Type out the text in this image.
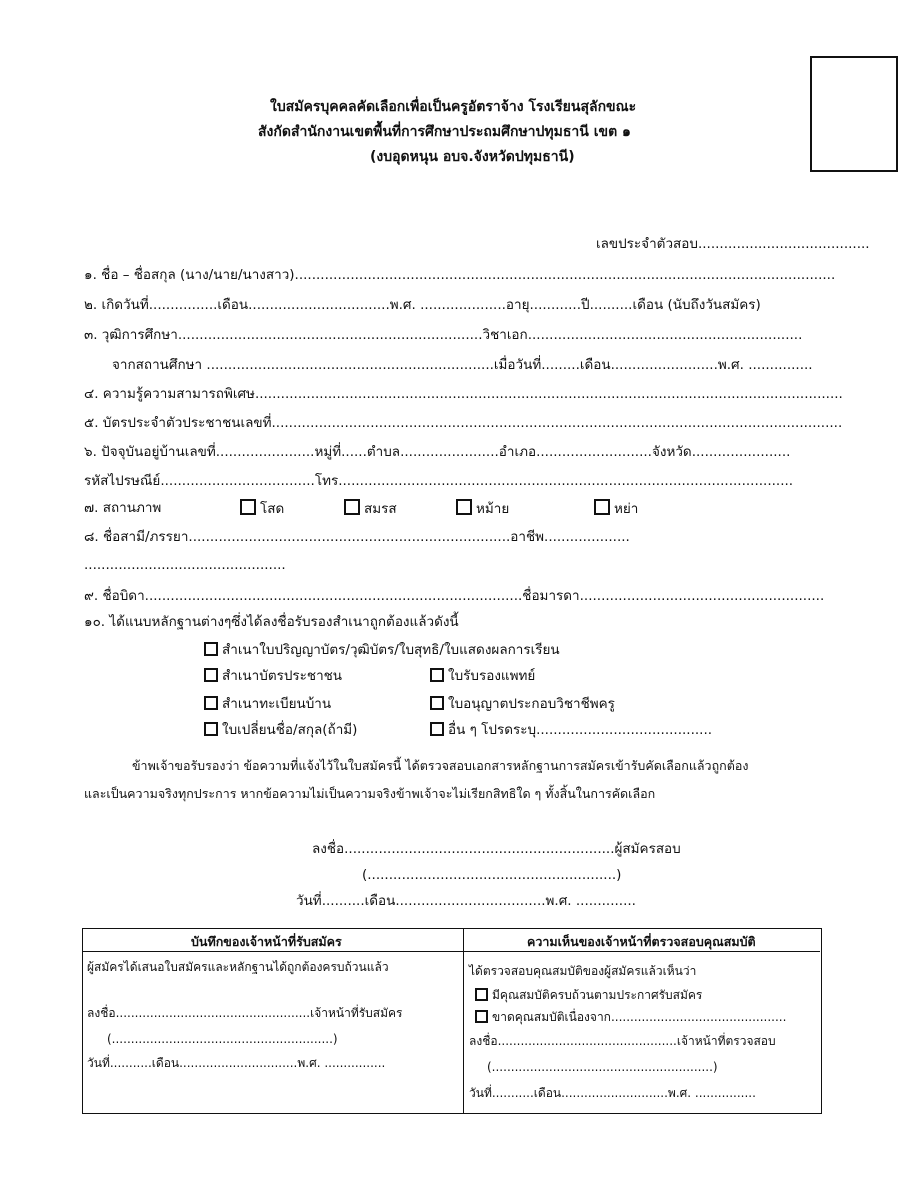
ใบสมัครบุคคลคัดเลือกเพื่อเป็นครูอัตราจ้าง โรงเรียนสุลักขณะ
สังกัดสำนักงานเขตพื้นที่การศึกษาประถมศึกษาปทุมธานี เขต ๑
(งบอุดหนุน อบจ.จังหวัดปทุมธานี)
เลขประจำตัวสอบ........................................
๑. ชื่อ – ชื่อสกุล (นาง/นาย/นางสาว)..............................................................................................................................
๒. เกิดวันที่................เดือน.................................พ.ศ. ....................อายุ............ปี..........เดือน (นับถึงวันสมัคร)
๓. วุฒิการศึกษา.......................................................................วิชาเอก................................................................
จากสถานศึกษา ...................................................................เมื่อวันที่.........เดือน.........................พ.ศ. ...............
๔. ความรู้ความสามารถพิเศษ.........................................................................................................................................
๕. บัตรประจำตัวประชาชนเลขที่.....................................................................................................................................
๖. ปัจจุบันอยู่บ้านเลขที่.......................หมู่ที่......ตำบล.......................อำเภอ...........................จังหวัด.......................
รหัสไปรษณีย์....................................โทร..........................................................................................................
๗. สถานภาพ	โสด	สมรส	หม้าย	หย่า
๘. ชื่อสามี/ภรรยา...........................................................................อาชีพ....................
...............................................
๙. ชื่อบิดา........................................................................................ชื่อมารดา.........................................................
๑๐. ได้แนบหลักฐานต่างๆซึ่งได้ลงชื่อรับรองสำเนาถูกต้องแล้วดังนี้
สำเนาใบปริญญาบัตร/วุฒิบัตร/ใบสุทธิ/ใบแสดงผลการเรียน
สำเนาบัตรประชาชน	ใบรับรองแพทย์
สำเนาทะเบียนบ้าน	ใบอนุญาตประกอบวิชาชีพครู
ใบเปลี่ยนชื่อ/สกุล(ถ้ามี)	อื่น ๆ โปรดระบุ.........................................
ข้าพเจ้าขอรับรองว่า ข้อความที่แจ้งไว้ในใบสมัครนี้ ได้ตรวจสอบเอกสารหลักฐานการสมัครเข้ารับคัดเลือกแล้วถูกต้อง
และเป็นความจริงทุกประการ หากข้อความไม่เป็นความจริงข้าพเจ้าจะไม่เรียกสิทธิใด ๆ ทั้งสิ้นในการคัดเลือก
ลงชื่อ...............................................................ผู้สมัครสอบ
(..........................................................)
วันที่..........เดือน...................................พ.ศ. ..............
บันทึกของเจ้าหน้าที่รับสมัคร	ความเห็นของเจ้าหน้าที่ตรวจสอบคุณสมบัติ
ผู้สมัครได้เสนอใบสมัครและหลักฐานได้ถูกต้องครบถ้วนแล้ว
ลงชื่อ...................................................เจ้าหน้าที่รับสมัคร
(..........................................................)
วันที่...........เดือน...............................พ.ศ. ................
ได้ตรวจสอบคุณสมบัติของผู้สมัครแล้วเห็นว่า
มีคุณสมบัติครบถ้วนตามประกาศรับสมัคร
ขาดคุณสมบัติเนื่องจาก..............................................
ลงชื่อ...............................................เจ้าหน้าที่ตรวจสอบ
(..........................................................)
วันที่...........เดือน............................พ.ศ. ................
